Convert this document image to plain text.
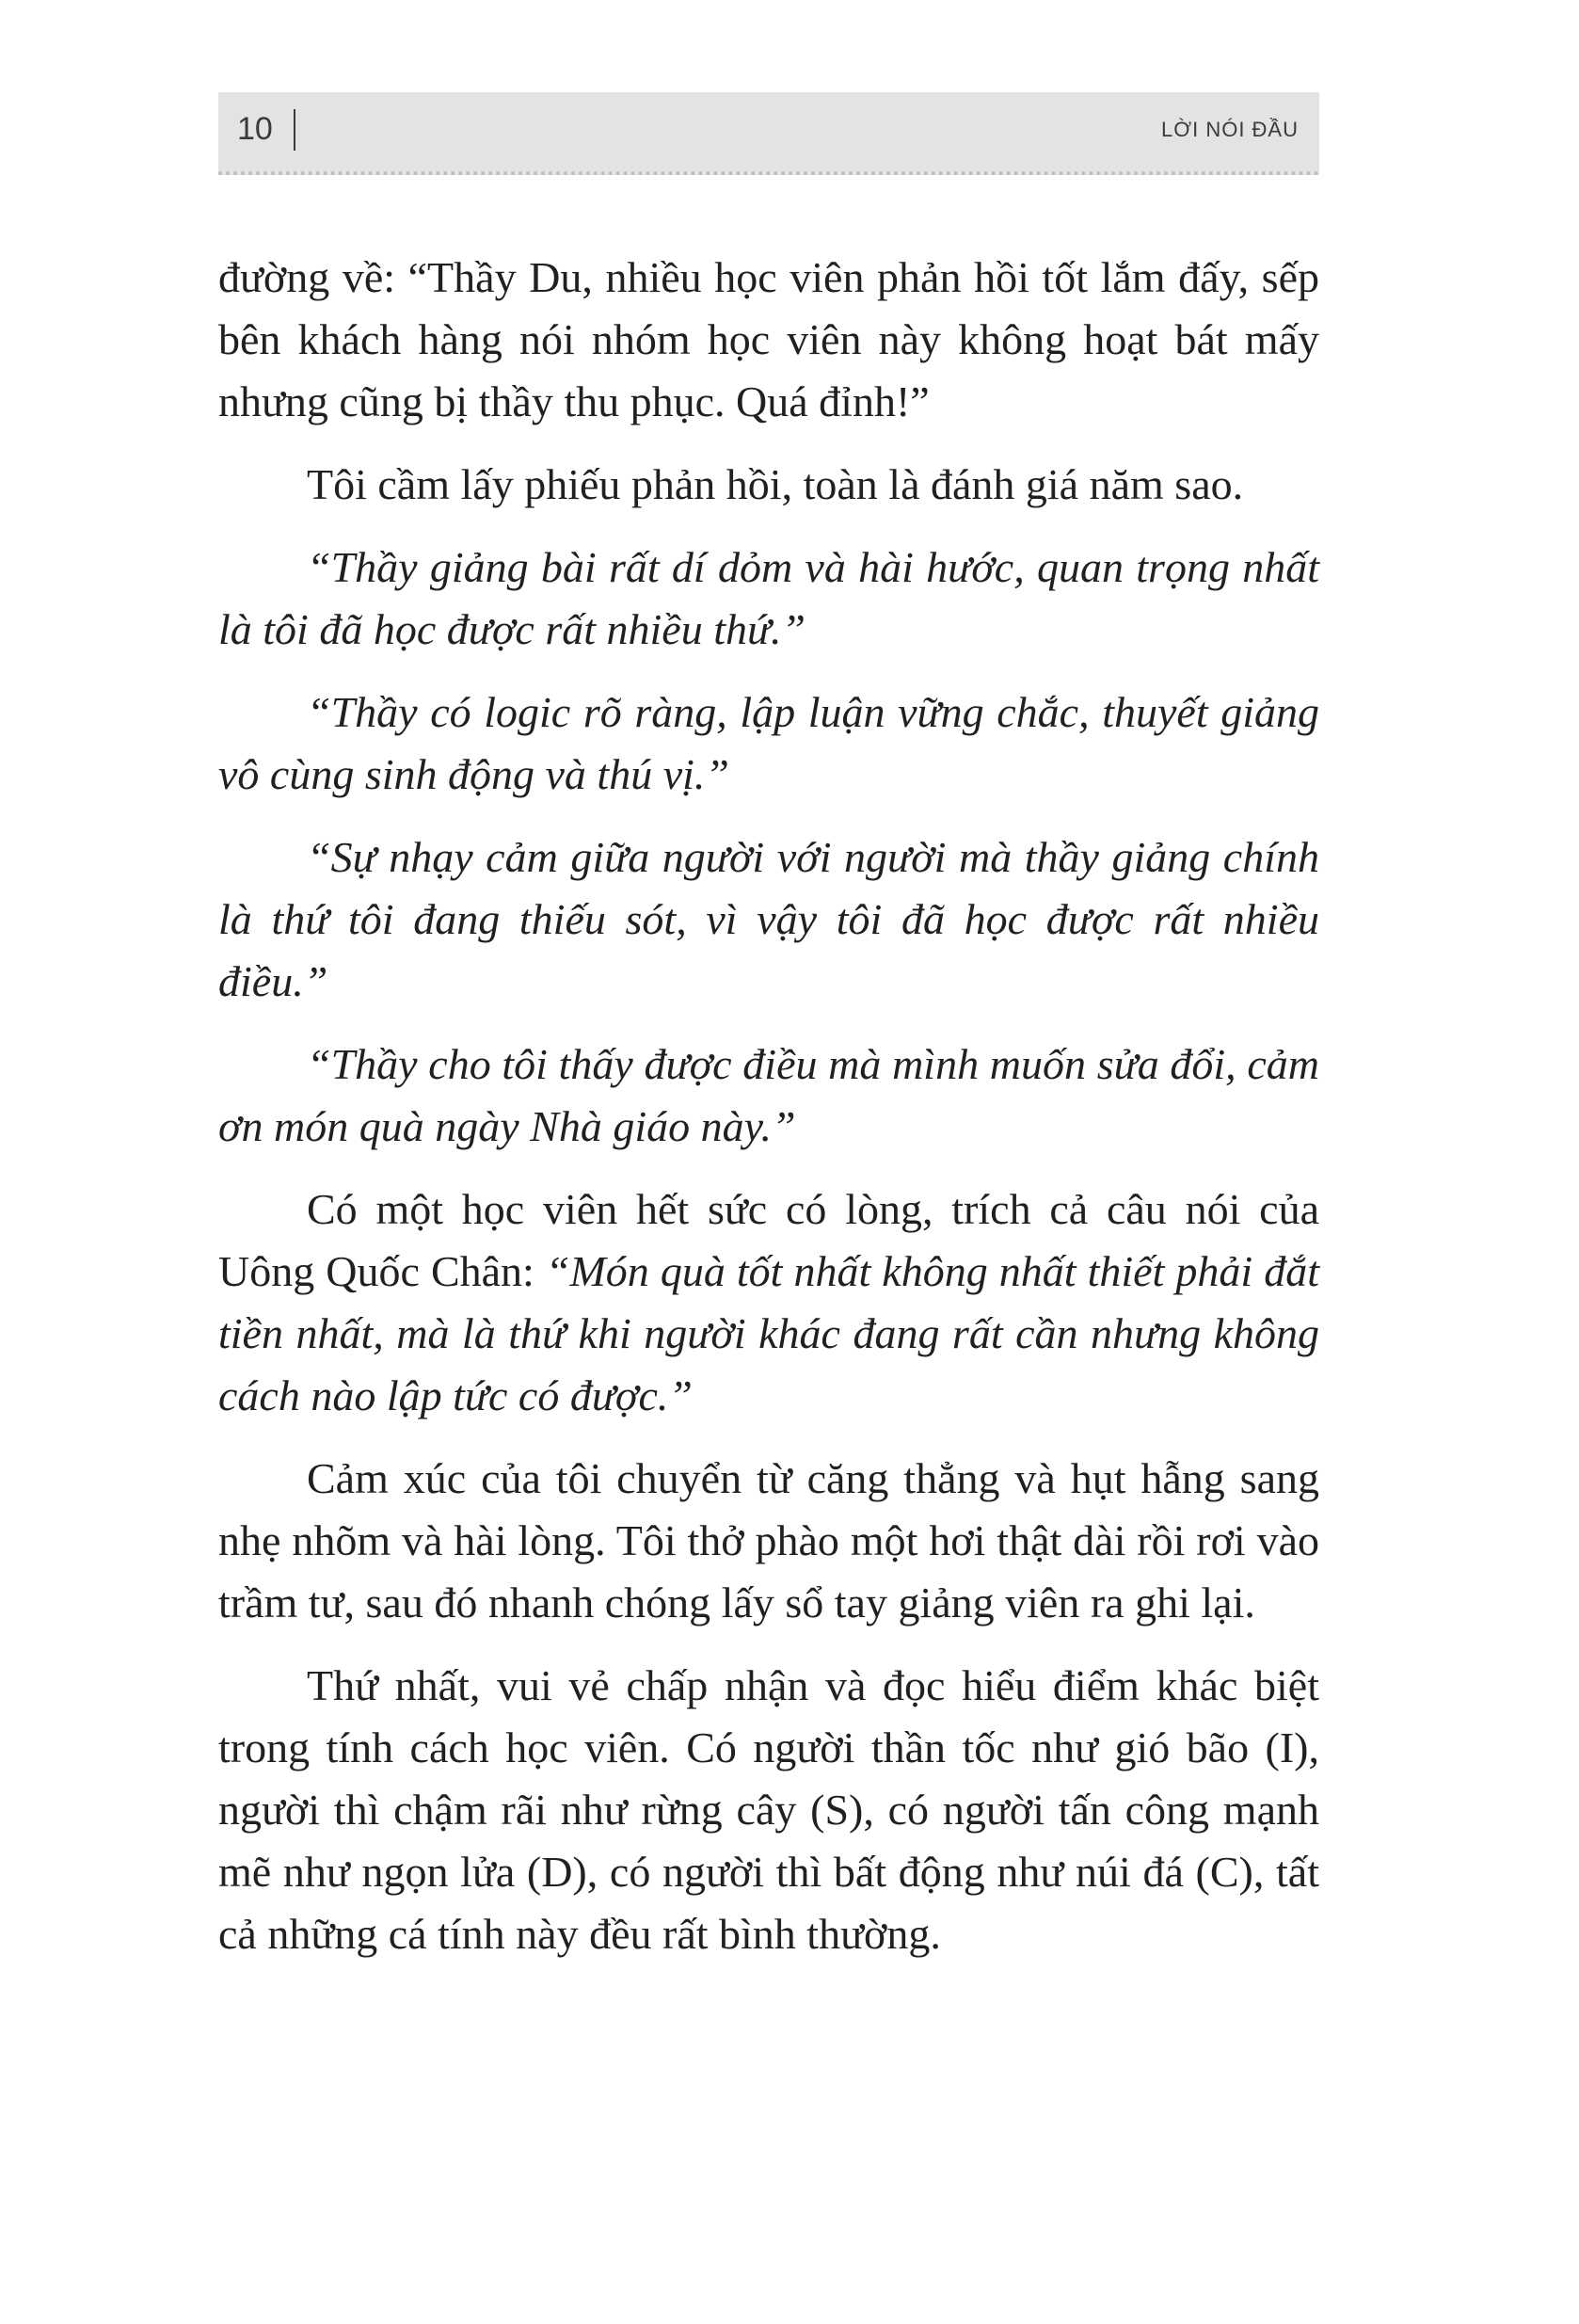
10	LỜI NÓI ĐẦU

đường về: “Thầy Du, nhiều học viên phản hồi tốt lắm đấy, sếp bên khách hàng nói nhóm học viên này không hoạt bát mấy nhưng cũng bị thầy thu phục. Quá đỉnh!”

Tôi cầm lấy phiếu phản hồi, toàn là đánh giá năm sao.

“Thầy giảng bài rất dí dỏm và hài hước, quan trọng nhất là tôi đã học được rất nhiều thứ.”

“Thầy có logic rõ ràng, lập luận vững chắc, thuyết giảng vô cùng sinh động và thú vị.”

“Sự nhạy cảm giữa người với người mà thầy giảng chính là thứ tôi đang thiếu sót, vì vậy tôi đã học được rất nhiều điều.”

“Thầy cho tôi thấy được điều mà mình muốn sửa đổi, cảm ơn món quà ngày Nhà giáo này.”

Có một học viên hết sức có lòng, trích cả câu nói của Uông Quốc Chân: “Món quà tốt nhất không nhất thiết phải đắt tiền nhất, mà là thứ khi người khác đang rất cần nhưng không cách nào lập tức có được.”

Cảm xúc của tôi chuyển từ căng thẳng và hụt hẫng sang nhẹ nhõm và hài lòng. Tôi thở phào một hơi thật dài rồi rơi vào trầm tư, sau đó nhanh chóng lấy sổ tay giảng viên ra ghi lại.

Thứ nhất, vui vẻ chấp nhận và đọc hiểu điểm khác biệt trong tính cách học viên. Có người thần tốc như gió bão (I), người thì chậm rãi như rừng cây (S), có người tấn công mạnh mẽ như ngọn lửa (D), có người thì bất động như núi đá (C), tất cả những cá tính này đều rất bình thường.
